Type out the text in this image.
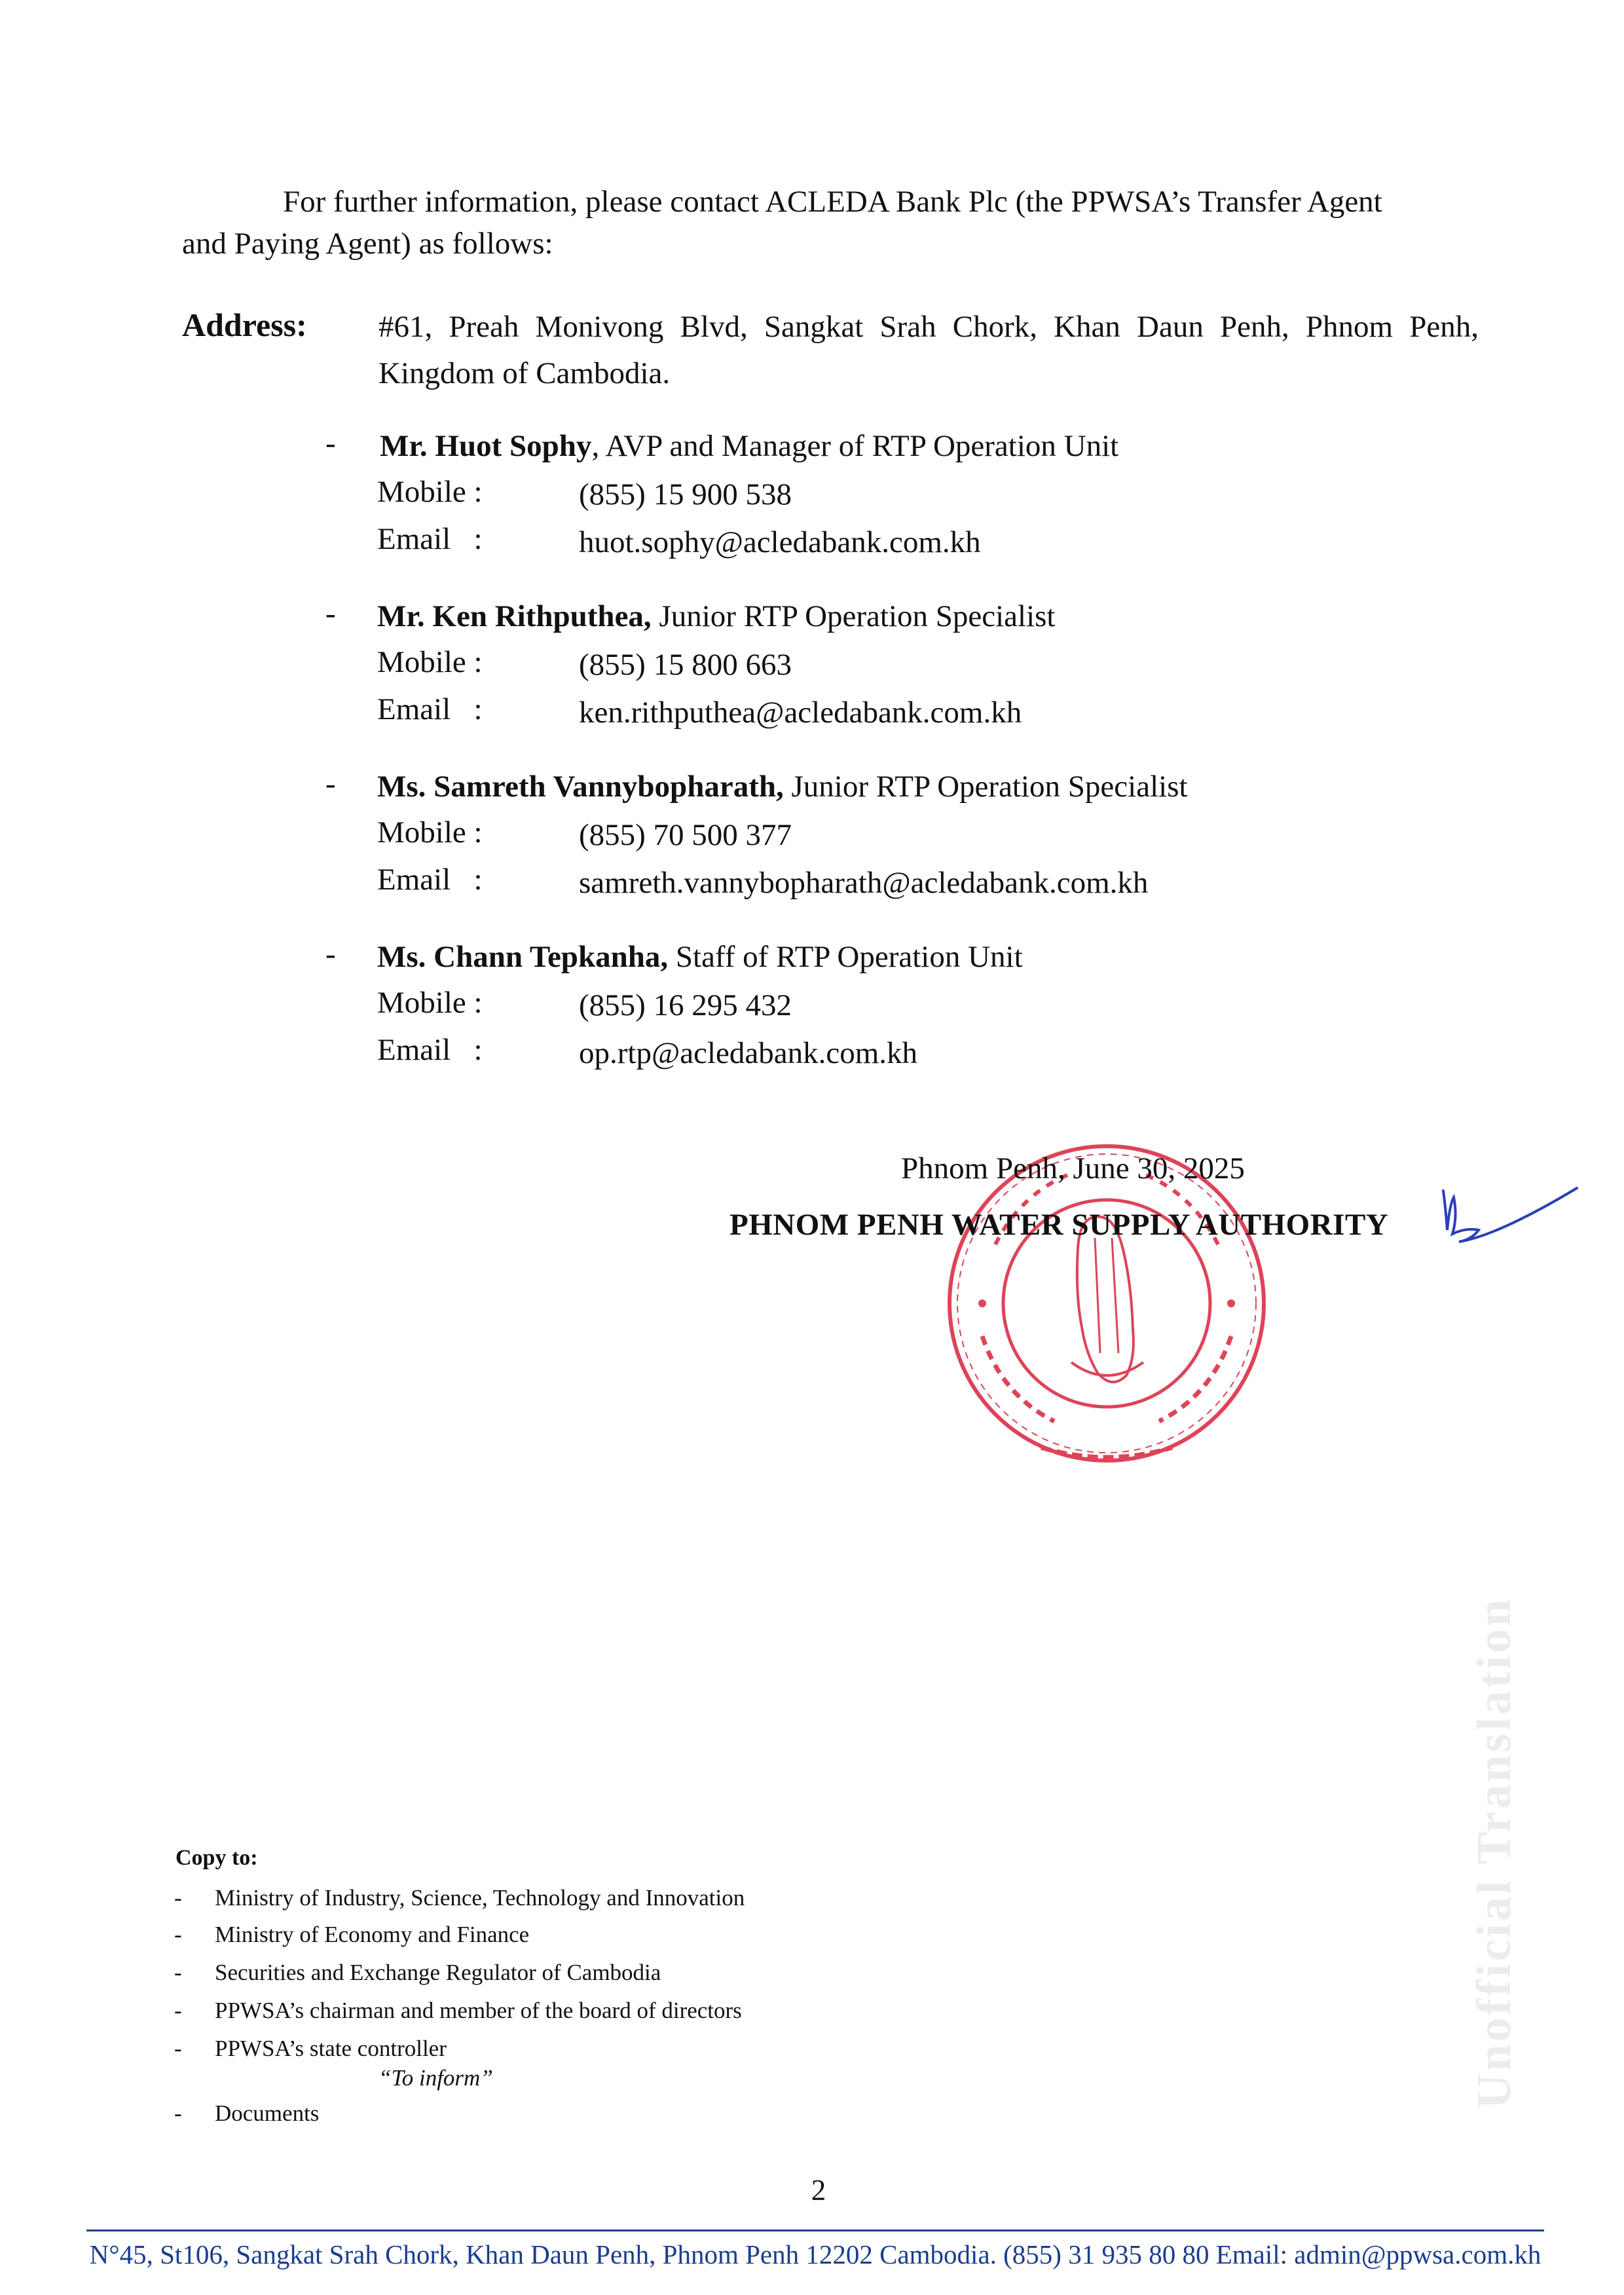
For further information, please contact ACLEDA Bank Plc (the PPWSA’s Transfer Agent
and Paying Agent) as follows:
Address: #61, Preah Monivong Blvd, Sangkat Srah Chork, Khan Daun Penh, Phnom Penh,
Kingdom of Cambodia.
- Mr. Huot Sophy, AVP and Manager of RTP Operation Unit
Mobile :	(855) 15 900 538
Email   :	huot.sophy@acledabank.com.kh
- Mr. Ken Rithputhea, Junior RTP Operation Specialist
Mobile :	(855) 15 800 663
Email   :	ken.rithputhea@acledabank.com.kh
- Ms. Samreth Vannybopharath, Junior RTP Operation Specialist
Mobile :	(855) 70 500 377
Email   :	samreth.vannybopharath@acledabank.com.kh
- Ms. Chann Tepkanha, Staff of RTP Operation Unit
Mobile :	(855) 16 295 432
Email   :	op.rtp@acledabank.com.kh
Phnom Penh, June 30, 2025
PHNOM PENH WATER SUPPLY AUTHORITY
Copy to:
- Ministry of Industry, Science, Technology and Innovation
- Ministry of Economy and Finance
- Securities and Exchange Regulator of Cambodia
- PPWSA’s chairman and member of the board of directors
- PPWSA’s state controller
“To inform”
- Documents
Unofficial Translation
2
N°45, St106, Sangkat Srah Chork, Khan Daun Penh, Phnom Penh 12202 Cambodia. (855) 31 935 80 80 Email: admin@ppwsa.com.kh
